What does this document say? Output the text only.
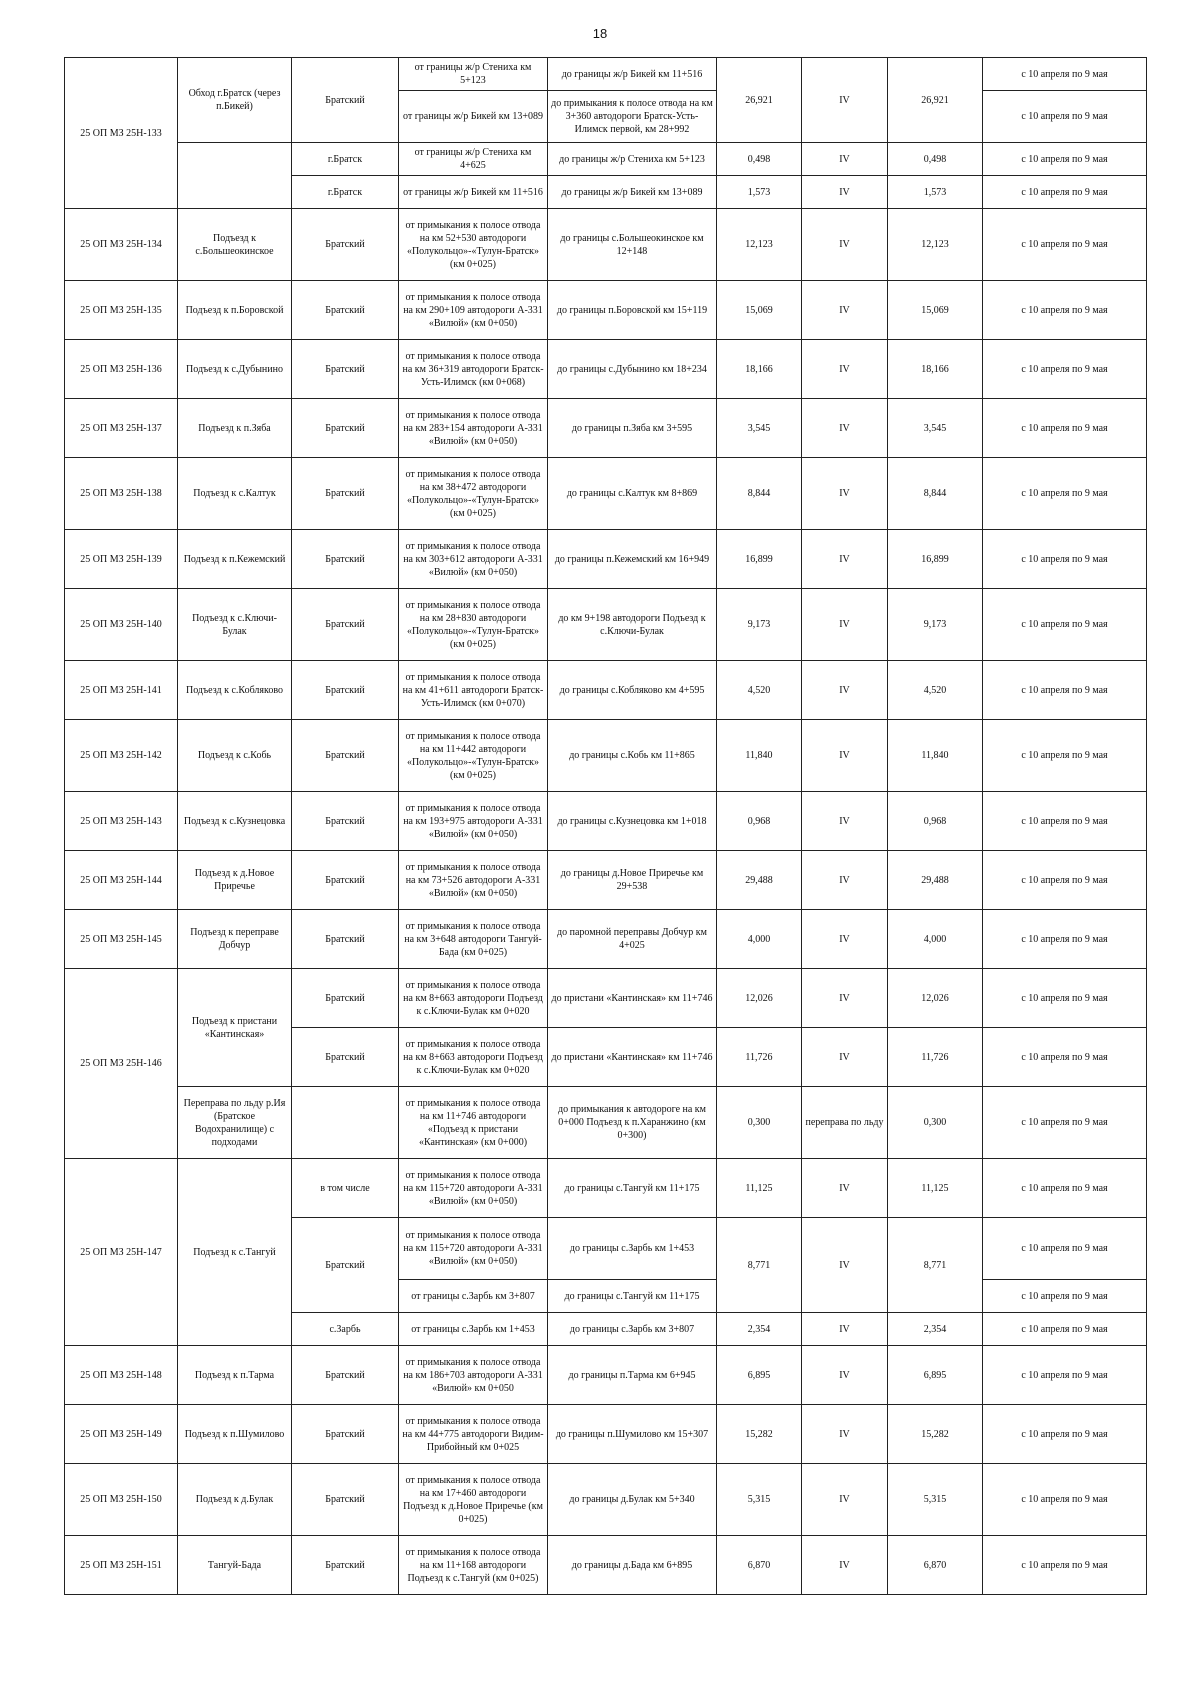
18
25 ОП МЗ 25Н-133	Обход г.Братск (через п.Бикей)	Братский	от границы ж/р Стениха км 5+123	до границы ж/р Бикей км 11+516	26,921	IV	26,921	с 10 апреля по 9 мая
			от границы ж/р Бикей км 13+089	до примыкания к полосе отвода на км 3+360 автодороги Братск-Усть-Илимск первой, км 28+992				с 10 апреля по 9 мая
		г.Братск	от границы ж/р Стениха км 4+625	до границы ж/р Стениха км 5+123	0,498	IV	0,498	с 10 апреля по 9 мая
		г.Братск	от границы ж/р Бикей км 11+516	до границы ж/р Бикей км 13+089	1,573	IV	1,573	с 10 апреля по 9 мая
25 ОП МЗ 25Н-134	Подъезд к с.Большеокинское	Братский	от примыкания к полосе отвода на км 52+530 автодороги «Полукольцо»-«Тулун-Братск» (км 0+025)	до границы с.Большеокинское км 12+148	12,123	IV	12,123	с 10 апреля по 9 мая
25 ОП МЗ 25Н-135	Подъезд к п.Боровской	Братский	от примыкания к полосе отвода на км 290+109 автодороги А-331 «Вилюй» (км 0+050)	до границы п.Боровской км 15+119	15,069	IV	15,069	с 10 апреля по 9 мая
25 ОП МЗ 25Н-136	Подъезд к с.Дубынино	Братский	от примыкания к полосе отвода на км 36+319 автодороги Братск-Усть-Илимск (км 0+068)	до границы с.Дубынино км 18+234	18,166	IV	18,166	с 10 апреля по 9 мая
25 ОП МЗ 25Н-137	Подъезд к п.Зяба	Братский	от примыкания к полосе отвода на км 283+154 автодороги А-331 «Вилюй» (км 0+050)	до границы п.Зяба км 3+595	3,545	IV	3,545	с 10 апреля по 9 мая
25 ОП МЗ 25Н-138	Подъезд к с.Калтук	Братский	от примыкания к полосе отвода на км 38+472 автодороги «Полукольцо»-«Тулун-Братск» (км 0+025)	до границы с.Калтук км 8+869	8,844	IV	8,844	с 10 апреля по 9 мая
25 ОП МЗ 25Н-139	Подъезд к п.Кежемский	Братский	от примыкания к полосе отвода на км 303+612 автодороги А-331 «Вилюй» (км 0+050)	до границы п.Кежемский км 16+949	16,899	IV	16,899	с 10 апреля по 9 мая
25 ОП МЗ 25Н-140	Подъезд к с.Ключи-Булак	Братский	от примыкания к полосе отвода на км 28+830 автодороги «Полукольцо»-«Тулун-Братск» (км 0+025)	до км 9+198 автодороги Подъезд к с.Ключи-Булак	9,173	IV	9,173	с 10 апреля по 9 мая
25 ОП МЗ 25Н-141	Подъезд к с.Кобляково	Братский	от примыкания к полосе отвода на км 41+611 автодороги Братск-Усть-Илимск (км 0+070)	до границы с.Кобляково км 4+595	4,520	IV	4,520	с 10 апреля по 9 мая
25 ОП МЗ 25Н-142	Подъезд к с.Кобь	Братский	от примыкания к полосе отвода на км 11+442 автодороги «Полукольцо»-«Тулун-Братск» (км 0+025)	до границы с.Кобь км 11+865	11,840	IV	11,840	с 10 апреля по 9 мая
25 ОП МЗ 25Н-143	Подъезд к с.Кузнецовка	Братский	от примыкания к полосе отвода на км 193+975 автодороги А-331 «Вилюй» (км 0+050)	до границы с.Кузнецовка км 1+018	0,968	IV	0,968	с 10 апреля по 9 мая
25 ОП МЗ 25Н-144	Подъезд к д.Новое Приречье	Братский	от примыкания к полосе отвода на км 73+526 автодороги А-331 «Вилюй» (км 0+050)	до границы д.Новое Приречье км 29+538	29,488	IV	29,488	с 10 апреля по 9 мая
25 ОП МЗ 25Н-145	Подъезд к переправе Добчур	Братский	от примыкания к полосе отвода на км 3+648 автодороги Тангуй-Бада (км 0+025)	до паромной переправы Добчур км 4+025	4,000	IV	4,000	с 10 апреля по 9 мая
25 ОП МЗ 25Н-146	Подъезд к пристани «Кантинская»	Братский	от примыкания к полосе отвода на км 8+663 автодороги Подъезд к с.Ключи-Булак км 0+020	до пристани «Кантинская» км 11+746	12,026	IV	12,026	с 10 апреля по 9 мая
		Братский	от примыкания к полосе отвода на км 8+663 автодороги Подъезд к с.Ключи-Булак км 0+020	до пристани «Кантинская» км 11+746	11,726	IV	11,726	с 10 апреля по 9 мая
	Переправа по льду р.Ия (Братское Водохранилище) с подходами		от примыкания к полосе отвода на км 11+746 автодороги «Подъезд к пристани «Кантинская» (км 0+000)	до примыкания к автодороге на км 0+000 Подъезд к п.Харанжино (км 0+300)	0,300	переправа по льду	0,300	с 10 апреля по 9 мая
25 ОП МЗ 25Н-147	Подъезд к с.Тангуй	в том числе	от примыкания к полосе отвода на км 115+720 автодороги А-331 «Вилюй» (км 0+050)	до границы с.Тангуй км 11+175	11,125	IV	11,125	с 10 апреля по 9 мая
		Братский	от примыкания к полосе отвода на км 115+720 автодороги А-331 «Вилюй» (км 0+050)	до границы с.Зарбь км 1+453	8,771	IV	8,771	с 10 апреля по 9 мая
			от границы с.Зарбь км 3+807	до границы с.Тангуй км 11+175				с 10 апреля по 9 мая
		с.Зарбь	от границы с.Зарбь км 1+453	до границы с.Зарбь км 3+807	2,354	IV	2,354	с 10 апреля по 9 мая
25 ОП МЗ 25Н-148	Подъезд к п.Тарма	Братский	от примыкания к полосе отвода на км 186+703 автодороги А-331 «Вилюй» км 0+050	до границы п.Тарма км 6+945	6,895	IV	6,895	с 10 апреля по 9 мая
25 ОП МЗ 25Н-149	Подъезд к п.Шумилово	Братский	от примыкания к полосе отвода на км 44+775 автодороги Видим-Прибойный км 0+025	до границы п.Шумилово км 15+307	15,282	IV	15,282	с 10 апреля по 9 мая
25 ОП МЗ 25Н-150	Подъезд к д.Булак	Братский	от примыкания к полосе отвода на км 17+460 автодороги Подъезд к д.Новое Приречье (км 0+025)	до границы д.Булак км 5+340	5,315	IV	5,315	с 10 апреля по 9 мая
25 ОП МЗ 25Н-151	Тангуй-Бада	Братский	от примыкания к полосе отвода на км 11+168 автодороги Подъезд к с.Тангуй (км 0+025)	до границы д.Бада км 6+895	6,870	IV	6,870	с 10 апреля по 9 мая
